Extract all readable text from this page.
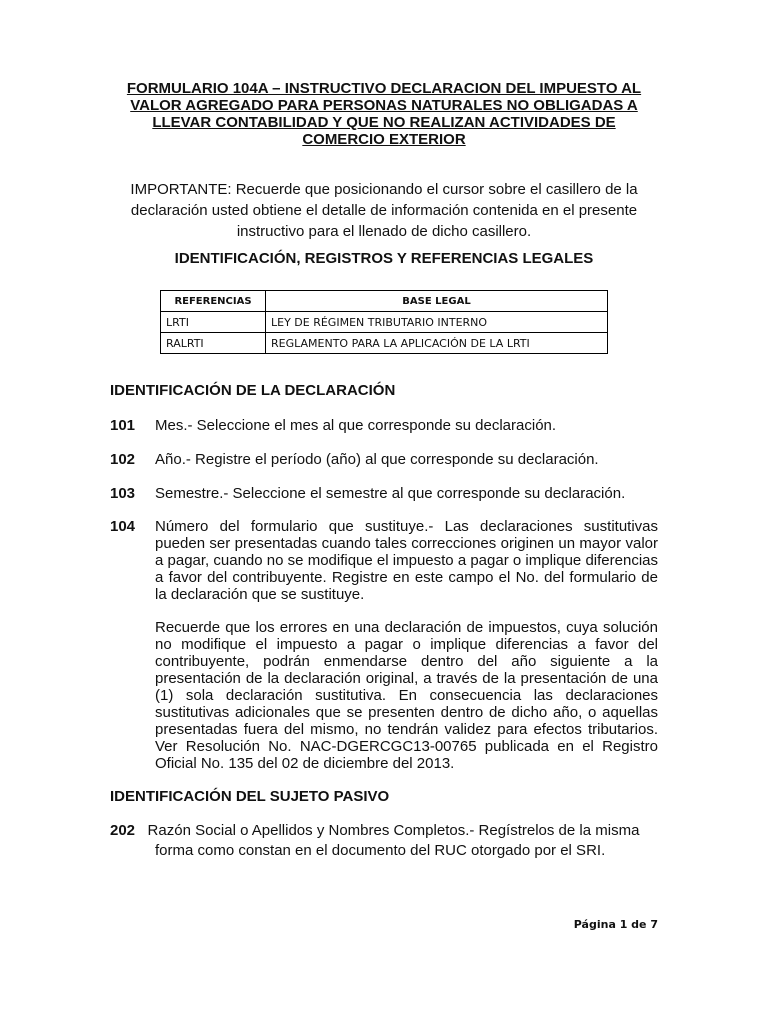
FORMULARIO 104A – INSTRUCTIVO DECLARACION DEL IMPUESTO AL VALOR AGREGADO PARA PERSONAS NATURALES NO OBLIGADAS A LLEVAR CONTABILIDAD Y QUE NO REALIZAN ACTIVIDADES DE COMERCIO EXTERIOR
IMPORTANTE: Recuerde que posicionando el cursor sobre el casillero de la declaración usted obtiene el detalle de información contenida en el presente instructivo para el llenado de dicho casillero.
IDENTIFICACIÓN, REGISTROS Y REFERENCIAS LEGALES
REFERENCIAS	BASE LEGAL
LRTI	LEY DE RÉGIMEN TRIBUTARIO INTERNO
RALRTI	REGLAMENTO PARA LA APLICACIÓN DE LA LRTI
IDENTIFICACIÓN DE LA DECLARACIÓN
101 Mes.- Seleccione el mes al que corresponde su declaración.
102 Año.- Registre el período (año) al que corresponde su declaración.
103 Semestre.- Seleccione el semestre al que corresponde su declaración.
104 Número del formulario que sustituye.- Las declaraciones sustitutivas pueden ser presentadas cuando tales correcciones originen un mayor valor a pagar, cuando no se modifique el impuesto a pagar o implique diferencias a favor del contribuyente. Registre en este campo el No. del formulario de la declaración que se sustituye.
Recuerde que los errores en una declaración de impuestos, cuya solución no modifique el impuesto a pagar o implique diferencias a favor del contribuyente, podrán enmendarse dentro del año siguiente a la presentación de la declaración original, a través de la presentación de una (1) sola declaración sustitutiva. En consecuencia las declaraciones sustitutivas adicionales que se presenten dentro de dicho año, o aquellas presentadas fuera del mismo, no tendrán validez para efectos tributarios. Ver Resolución No. NAC-DGERCGC13-00765 publicada en el Registro Oficial No. 135 del 02 de diciembre del 2013.
IDENTIFICACIÓN DEL SUJETO PASIVO
202 Razón Social o Apellidos y Nombres Completos.- Regístrelos de la misma
forma como constan en el documento del RUC otorgado por el SRI.
Página 1 de 7
